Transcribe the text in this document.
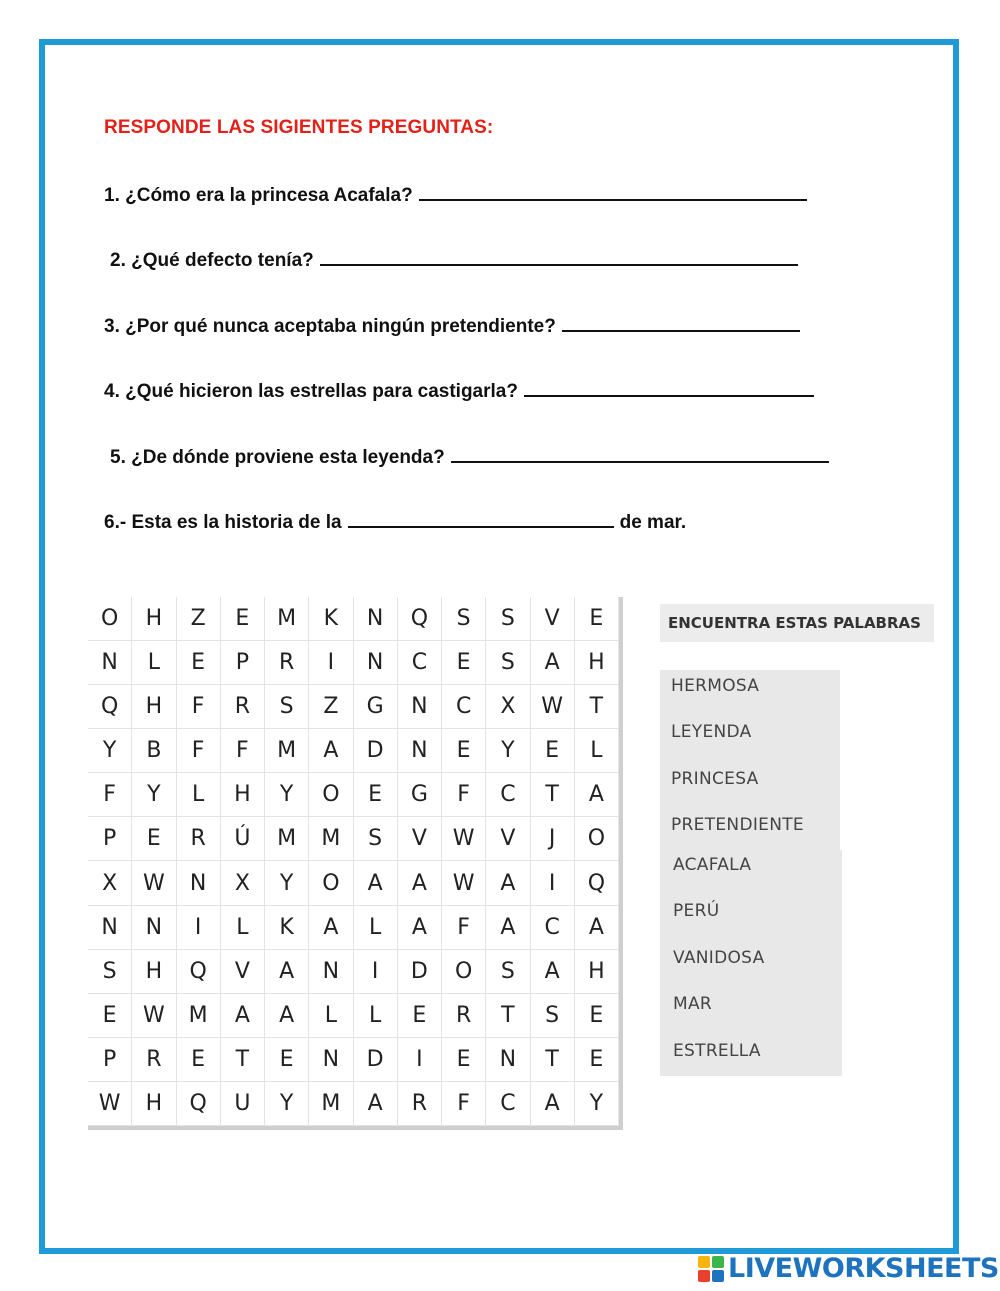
RESPONDE LAS SIGIENTES PREGUNTAS:
1. ¿Cómo era la princesa Acafala?
2. ¿Qué defecto tenía?
3. ¿Por qué nunca aceptaba ningún pretendiente?
4. ¿Qué hicieron las estrellas para castigarla?
5. ¿De dónde proviene esta leyenda?
6.- Esta es la historia de la	de mar.
O	H	Z	E	M	K	N	Q	S	S	V	E
N	L	E	P	R	I	N	C	E	S	A	H
Q	H	F	R	S	Z	G	N	C	X	W	T
Y	B	F	F	M	A	D	N	E	Y	E	L
F	Y	L	H	Y	O	E	G	F	C	T	A
P	E	R	Ú	M	M	S	V	W	V	J	O
X	W	N	X	Y	O	A	A	W	A	I	Q
N	N	I	L	K	A	L	A	F	A	C	A
S	H	Q	V	A	N	I	D	O	S	A	H
E	W	M	A	A	L	L	E	R	T	S	E
P	R	E	T	E	N	D	I	E	N	T	E
W	H	Q	U	Y	M	A	R	F	C	A	Y
ENCUENTRA ESTAS PALABRAS
HERMOSA
LEYENDA
PRINCESA
PRETENDIENTE
ACAFALA
PERÚ
VANIDOSA
MAR
ESTRELLA
LIVEWORKSHEETS
